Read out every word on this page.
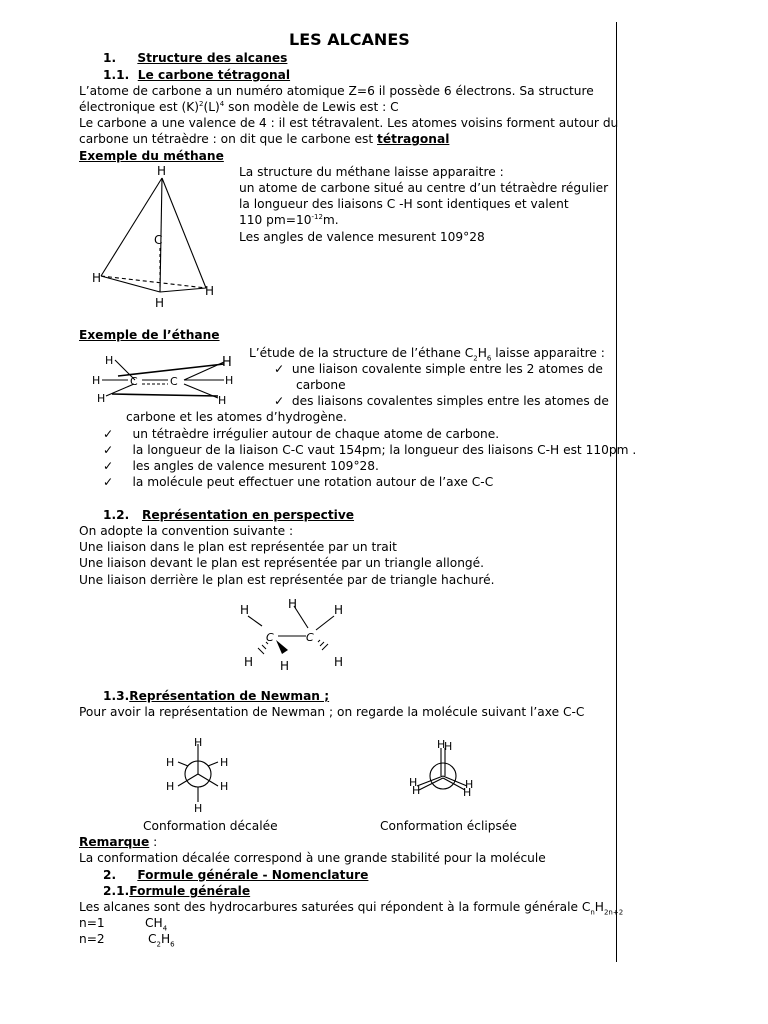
LES ALCANES
1. Structure des alcanes
1.1. Le carbone tétragonal
L’atome de carbone a un numéro atomique Z=6 il possède 6 électrons. Sa structure
électronique est $(K)^2(L)^4$ son modèle de Lewis est : C
Le carbone a une valence de 4 : il est tétravalent. Les atomes voisins forment autour du
carbone un tétraèdre : on dit que le carbone est tétragonal
Exemple du méthane
H
C
H
H
H
La structure du méthane laisse apparaitre :
un atome de carbone situé au centre d’un tétraèdre régulier
la longueur des liaisons C -H sont identiques et valent
110 $pm=10^{-12}m$.
Les angles de valence mesurent 109°28
Exemple de l’éthane
H
H
H
C	C
H
H
H
L’étude de la structure de l’éthane $C_2H_6$ laisse apparaitre :
✓ une liaison covalente simple entre les 2 atomes de
carbone
✓ des liaisons covalentes simples entre les atomes de
carbone et les atomes d’hydrogène.
✓ un tétraèdre irrégulier autour de chaque atome de carbone.
✓ la longueur de la liaison C-C vaut 154pm; la longueur des liaisons C-H est 110pm .
✓ les angles de valence mesurent 109°28.
✓ la molécule peut effectuer une rotation autour de l’axe C-C
1.2. Représentation en perspective
On adopte la convention suivante :
Une liaison dans le plan est représentée par un trait
Une liaison devant le plan est représentée par un triangle allongé.
Une liaison derrière le plan est représentée par de triangle hachuré.
H	H	H
C	C
H H	H
1.3.Représentation de Newman ;
Pour avoir la représentation de Newman ; on regarde la molécule suivant l’axe C-C
H
H	H
H	H
H
H
H
H
H	H
H
Conformation décalée	Conformation éclipsée
Remarque :
La conformation décalée correspond à une grande stabilité pour la molécule
2. Formule générale - Nomenclature
2.1.Formule générale
Les alcanes sont des hydrocarbures saturées qui répondent à la formule générale $C_nH_{2n+2}$
n=1	$CH_4$
n=2	$C_2H_6$
